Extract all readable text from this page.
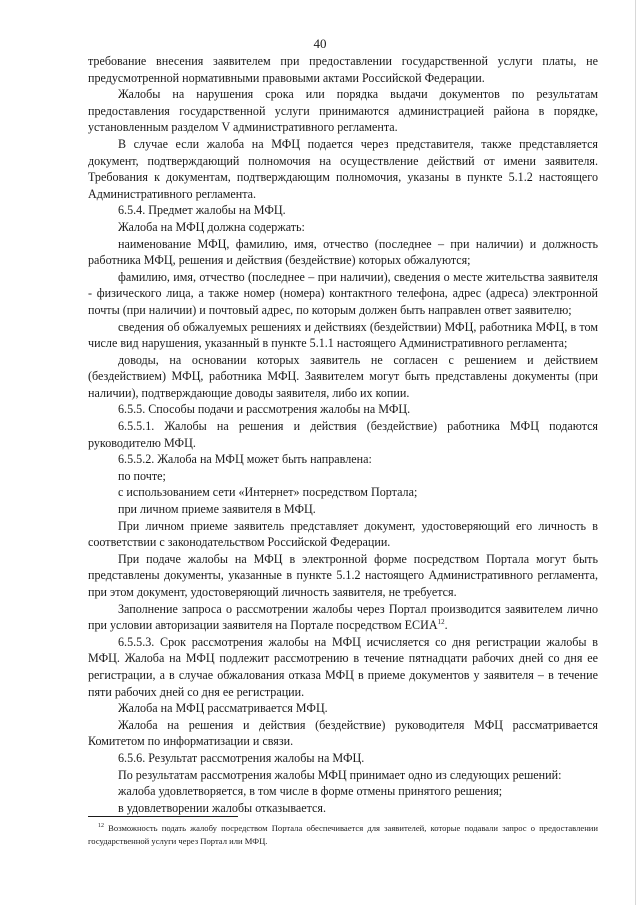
40

требование внесения заявителем при предоставлении государственной услуги платы, не предусмотренной нормативными правовыми актами Российской Федерации.

Жалобы на нарушения срока или порядка выдачи документов по результатам предоставления государственной услуги принимаются администрацией района в порядке, установленным разделом V административного регламента.

В случае если жалоба на МФЦ подается через представителя, также представляется документ, подтверждающий полномочия на осуществление действий от имени заявителя. Требования к документам, подтверждающим полномочия, указаны в пункте 5.1.2 настоящего Административного регламента.

6.5.4. Предмет жалобы на МФЦ.

Жалоба на МФЦ должна содержать:

наименование МФЦ, фамилию, имя, отчество (последнее – при наличии) и должность работника МФЦ, решения и действия (бездействие) которых обжалуются;

фамилию, имя, отчество (последнее – при наличии), сведения о месте жительства заявителя - физического лица, а также номер (номера) контактного телефона, адрес (адреса) электронной почты (при наличии) и почтовый адрес, по которым должен быть направлен ответ заявителю;

сведения об обжалуемых решениях и действиях (бездействии) МФЦ, работника МФЦ, в том числе вид нарушения, указанный в пункте 5.1.1 настоящего Административного регламента;

доводы, на основании которых заявитель не согласен с решением и действием (бездействием) МФЦ, работника МФЦ. Заявителем могут быть представлены документы (при наличии), подтверждающие доводы заявителя, либо их копии.

6.5.5. Способы подачи и рассмотрения жалобы на МФЦ.

6.5.5.1. Жалобы на решения и действия (бездействие) работника МФЦ подаются руководителю МФЦ.

6.5.5.2. Жалоба на МФЦ может быть направлена:

по почте;

с использованием сети «Интернет» посредством Портала;

при личном приеме заявителя в МФЦ.

При личном приеме заявитель представляет документ, удостоверяющий его личность в соответствии с законодательством Российской Федерации.

При подаче жалобы на МФЦ в электронной форме посредством Портала могут быть представлены документы, указанные в пункте 5.1.2 настоящего Административного регламента, при этом документ, удостоверяющий личность заявителя, не требуется.

Заполнение запроса о рассмотрении жалобы через Портал производится заявителем лично при условии авторизации заявителя на Портале посредством ЕСИА$^{12}$.

6.5.5.3. Срок рассмотрения жалобы на МФЦ исчисляется со дня регистрации жалобы в МФЦ. Жалоба на МФЦ подлежит рассмотрению в течение пятнадцати рабочих дней со дня ее регистрации, а в случае обжалования отказа МФЦ в приеме документов у заявителя – в течение пяти рабочих дней со дня ее регистрации.

Жалоба на МФЦ рассматривается МФЦ.

Жалоба на решения и действия (бездействие) руководителя МФЦ рассматривается Комитетом по информатизации и связи.

6.5.6. Результат рассмотрения жалобы на МФЦ.

По результатам рассмотрения жалобы МФЦ принимает одно из следующих решений:

жалоба удовлетворяется, в том числе в форме отмены принятого решения;

в удовлетворении жалобы отказывается.

$^{12}$ Возможность подать жалобу посредством Портала обеспечивается для заявителей, которые подавали запрос о предоставлении государственной услуги через Портал или МФЦ.
